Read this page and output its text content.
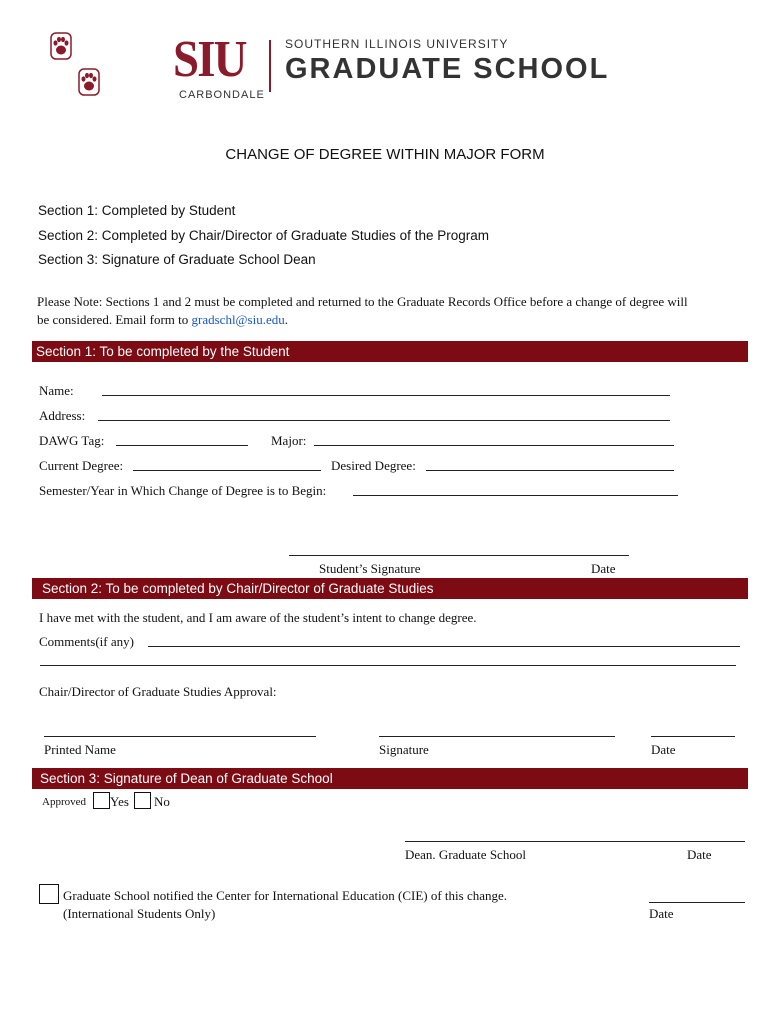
SIU
CARBONDALE
SOUTHERN ILLINOIS UNIVERSITY
GRADUATE SCHOOL
CHANGE OF DEGREE WITHIN MAJOR FORM
Section 1: Completed by Student
Section 2: Completed by Chair/Director of Graduate Studies of the Program
Section 3: Signature of Graduate School Dean
Please Note: Sections 1 and 2 must be completed and returned to the Graduate Records Office before a change of degree will be considered. Email form to gradschl@siu.edu.
Section 1: To be completed by the Student
Name:
Address:
DAWG Tag:	Major:
Current Degree:	Desired Degree:
Semester/Year in Which Change of Degree is to Begin:
Student’s Signature	Date
Section 2: To be completed by Chair/Director of Graduate Studies
I have met with the student, and I am aware of the student’s intent to change degree.
Comments(if any)
Chair/Director of Graduate Studies Approval:
Printed Name	Signature	Date
Section 3: Signature of Dean of Graduate School
Approved Yes No
Dean. Graduate School	Date
Graduate School notified the Center for International Education (CIE) of this change.
(International Students Only)	Date
